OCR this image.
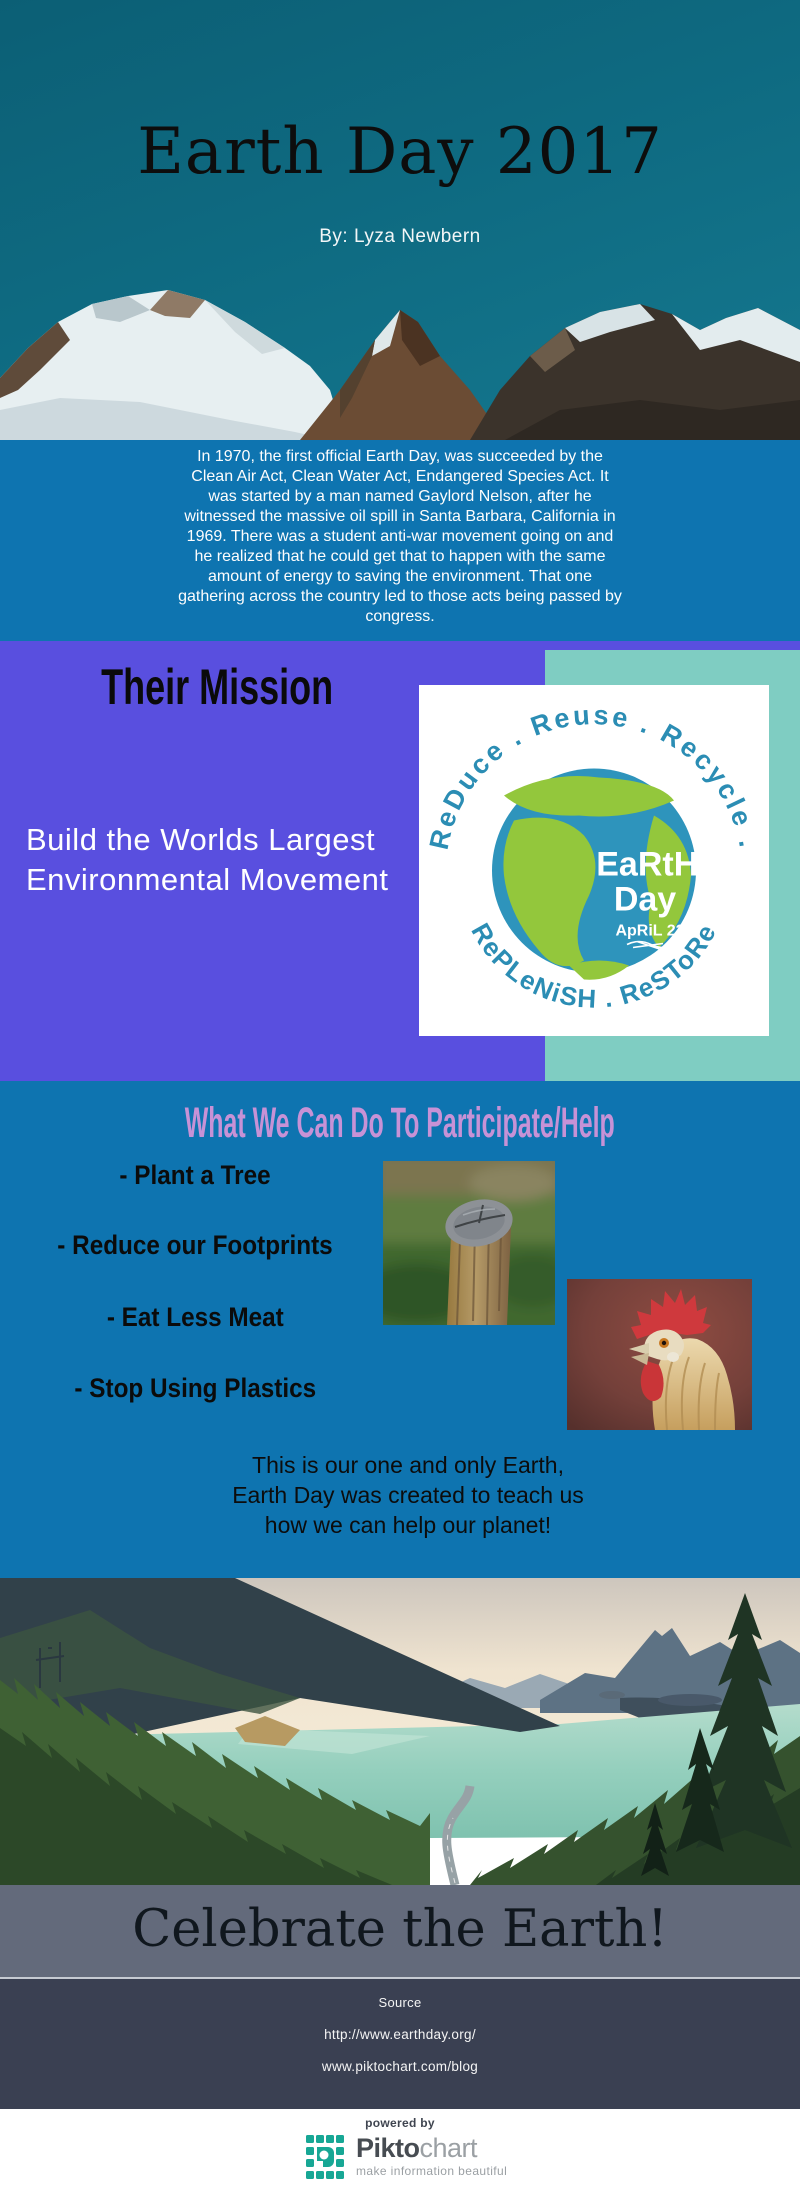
Earth Day 2017
By: Lyza Newbern

In 1970, the first official Earth Day, was succeeded by the Clean Air Act, Clean Water Act, Endangered Species Act. It was started by a man named Gaylord Nelson, after he witnessed the massive oil spill in Santa Barbara, California in 1969. There was a student anti-war movement going on and he realized that he could get that to happen with the same amount of energy to saving the environment. That one gathering across the country led to those acts being passed by congress.

Their Mission
Build the Worlds Largest Environmental Movement	EaRtH Day
ApRiL 22
ReDuce . Reuse . Recycle .
RePLeNiSH . ReSToRe
What We Can Do To Participate/Help
- Plant a Tree
- Reduce our Footprints
- Eat Less Meat
- Stop Using Plastics
This is our one and only Earth, Earth Day was created to teach us how we can help our planet!
Celebrate the Earth!
Source
http://www.earthday.org/
www.piktochart.com/blog
powered by
Piktochart
make information beautiful
